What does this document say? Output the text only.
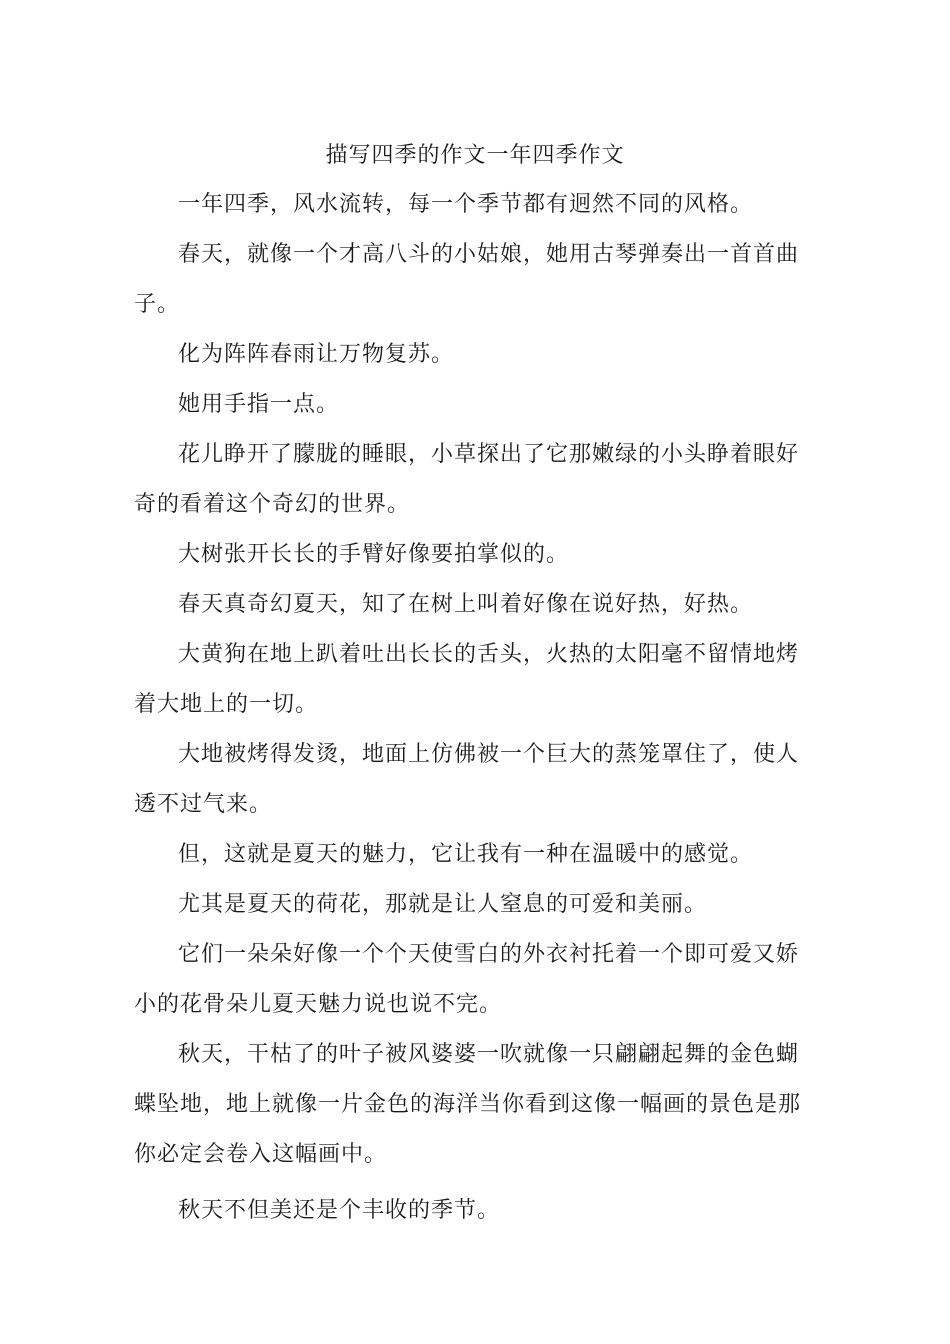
描写四季的作文一年四季作文

一年四季，风水流转，每一个季节都有迥然不同的风格。

春天，就像一个才高八斗的小姑娘，她用古琴弹奏出一首首曲子。

化为阵阵春雨让万物复苏。

她用手指一点。

花儿睁开了朦胧的睡眼，小草探出了它那嫩绿的小头睁着眼好奇的看着这个奇幻的世界。

大树张开长长的手臂好像要拍掌似的。

春天真奇幻夏天，知了在树上叫着好像在说好热，好热。

大黄狗在地上趴着吐出长长的舌头，火热的太阳毫不留情地烤着大地上的一切。

大地被烤得发烫，地面上仿佛被一个巨大的蒸笼罩住了，使人透不过气来。

但，这就是夏天的魅力，它让我有一种在温暖中的感觉。

尤其是夏天的荷花，那就是让人窒息的可爱和美丽。

它们一朵朵好像一个个天使雪白的外衣衬托着一个即可爱又娇小的花骨朵儿夏天魅力说也说不完。

秋天，干枯了的叶子被风婆婆一吹就像一只翩翩起舞的金色蝴蝶坠地，地上就像一片金色的海洋当你看到这像一幅画的景色是那你必定会卷入这幅画中。

秋天不但美还是个丰收的季节。
